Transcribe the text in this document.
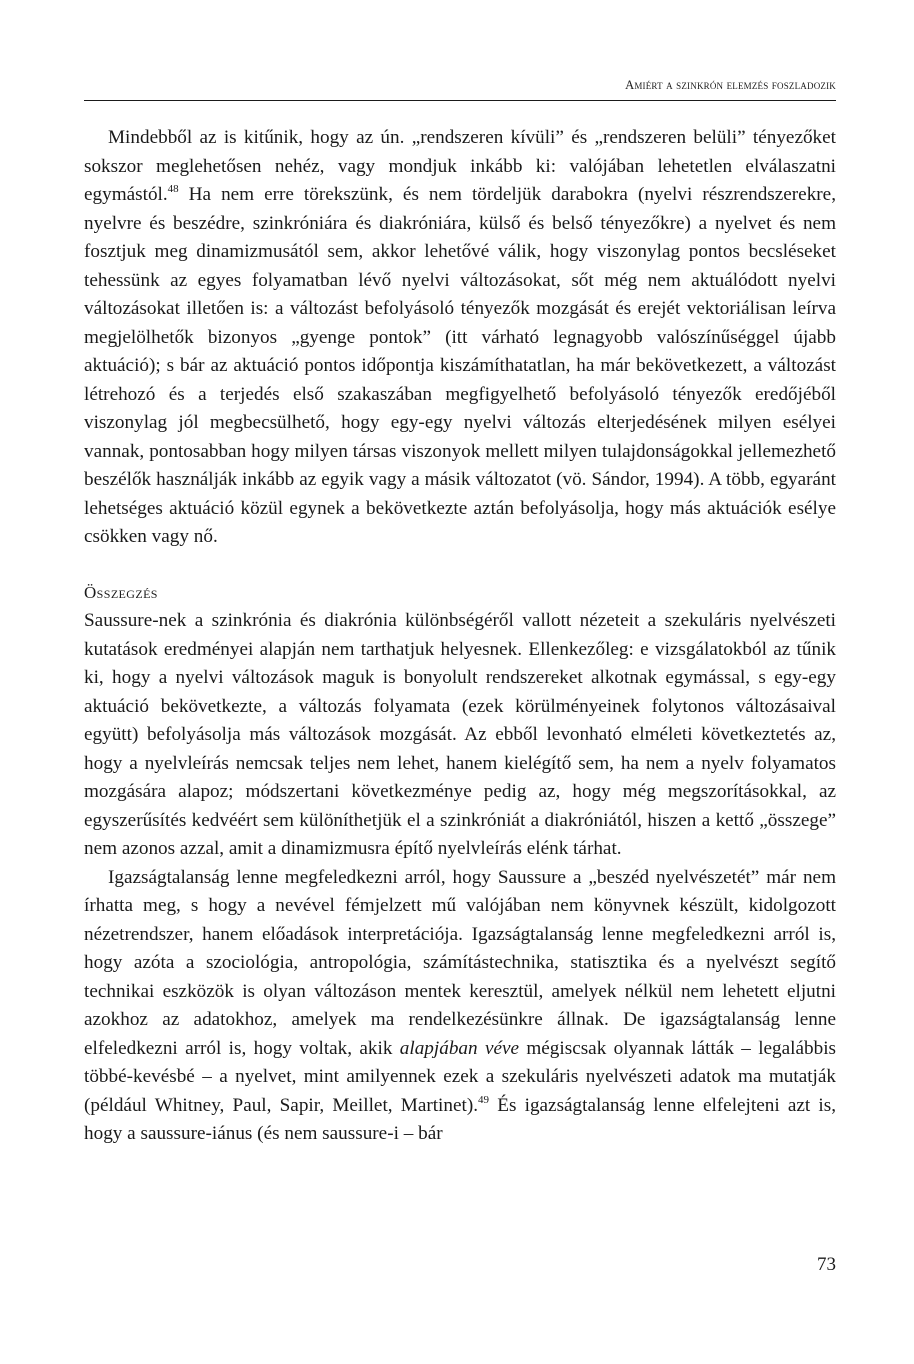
Amiért a szinkrón elemzés foszladozik

Mindebből az is kitűnik, hogy az ún. „rendszeren kívüli” és „rendszeren belüli” tényezőket sokszor meglehetősen nehéz, vagy mondjuk inkább ki: valójában lehetetlen elválaszatni egymástól.$^{48}$ Ha nem erre törekszünk, és nem tördeljük darabokra (nyelvi részrendszerekre, nyelvre és beszédre, szinkróniára és diakróniára, külső és belső tényezőkre) a nyelvet és nem fosztjuk meg dinamizmusától sem, akkor lehetővé válik, hogy viszonylag pontos becsléseket tehessünk az egyes folyamatban lévő nyelvi változásokat, sőt még nem aktuálódott nyelvi változásokat illetően is: a változást befolyásoló tényezők mozgását és erejét vektoriálisan leírva megjelölhetők bizonyos „gyenge pontok” (itt várható legnagyobb valószínűséggel újabb aktuáció); s bár az aktuáció pontos időpontja kiszámíthatatlan, ha már bekövetkezett, a változást létrehozó és a terjedés első szakaszában megfigyelhető befolyásoló tényezők eredőjéből viszonylag jól megbecsülhető, hogy egy-egy nyelvi változás elterjedésének milyen esélyei vannak, pontosabban hogy milyen társas viszonyok mellett milyen tulajdonságokkal jellemezhető beszélők használják inkább az egyik vagy a másik változatot (vö. Sándor, 1994). A több, egyaránt lehetséges aktuáció közül egynek a bekövetkezte aztán befolyásolja, hogy más aktuációk esélye csökken vagy nő.

Összegzés

Saussure-nek a szinkrónia és diakrónia különbségéről vallott nézeteit a szekuláris nyelvészeti kutatások eredményei alapján nem tarthatjuk helyesnek. Ellenkezőleg: e vizsgálatokból az tűnik ki, hogy a nyelvi változások maguk is bonyolult rendszereket alkotnak egymással, s egy-egy aktuáció bekövetkezte, a változás folyamata (ezek körülményeinek folytonos változásaival együtt) befolyásolja más változások mozgását. Az ebből levonható elméleti következtetés az, hogy a nyelvleírás nemcsak teljes nem lehet, hanem kielégítő sem, ha nem a nyelv folyamatos mozgására alapoz; módszertani következménye pedig az, hogy még megszorításokkal, az egyszerűsítés kedvéért sem különíthetjük el a szinkróniát a diakróniától, hiszen a kettő „összege” nem azonos azzal, amit a dinamizmusra építő nyelvleírás elénk tárhat.

Igazságtalanság lenne megfeledkezni arról, hogy Saussure a „beszéd nyelvészetét” már nem írhatta meg, s hogy a nevével fémjelzett mű valójában nem könyvnek készült, kidolgozott nézetrendszer, hanem előadások interpretációja. Igazságtalanság lenne megfeledkezni arról is, hogy azóta a szociológia, antropológia, számítástechnika, statisztika és a nyelvészt segítő technikai eszközök is olyan változáson mentek keresztül, amelyek nélkül nem lehetett eljutni azokhoz az adatokhoz, amelyek ma rendelkezésünkre állnak. De igazságtalanság lenne elfeledkezni arról is, hogy voltak, akik alapjában véve mégiscsak olyannak látták – legalábbis többé-kevésbé – a nyelvet, mint amilyennek ezek a szekuláris nyelvészeti adatok ma mutatják (például Whitney, Paul, Sapir, Meillet, Martinet).$^{49}$ És igazságtalanság lenne elfelejteni azt is, hogy a saussure-iánus (és nem saussure-i – bár

73
